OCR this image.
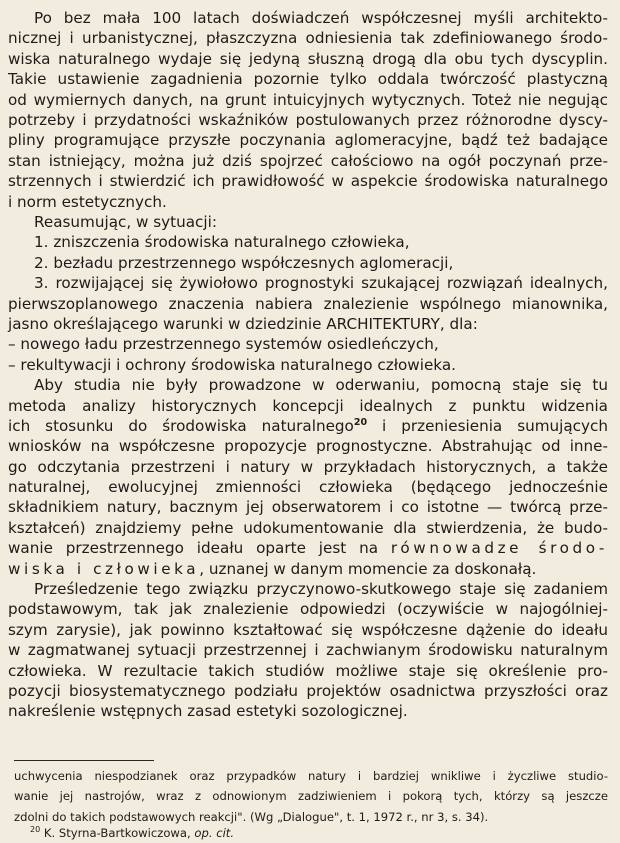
Po bez mała 100 latach doświadczeń współczesnej myśli architekto-
nicznej i urbanistycznej, płaszczyzna odniesienia tak zdefiniowanego środo-
wiska naturalnego wydaje się jedyną słuszną drogą dla obu tych dyscyplin.
Takie ustawienie zagadnienia pozornie tylko oddala twórczość plastyczną
od wymiernych danych, na grunt intuicyjnych wytycznych. Toteż nie negując
potrzeby i przydatności wskaźników postulowanych przez różnorodne dyscy-
pliny programujące przyszłe poczynania aglomeracyjne, bądź też badające
stan istniejący, można już dziś spojrzeć całościowo na ogół poczynań prze-
strzennych i stwierdzić ich prawidłowość w aspekcie środowiska naturalnego
i norm estetycznych.
Reasumując, w sytuacji:
1. zniszczenia środowiska naturalnego człowieka,
2. bezładu przestrzennego współczesnych aglomeracji,
3. rozwijającej się żywiołowo prognostyki szukającej rozwiązań idealnych,
pierwszoplanowego znaczenia nabiera znalezienie wspólnego mianownika,
jasno określającego warunki w dziedzinie ARCHITEKTURY, dla:
– nowego ładu przestrzennego systemów osiedleńczych,
– rekultywacji i ochrony środowiska naturalnego człowieka.
Aby studia nie były prowadzone w oderwaniu, pomocną staje się tu
metoda analizy historycznych koncepcji idealnych z punktu widzenia
ich stosunku do środowiska naturalnego$^{20}$ i przeniesienia sumujących
wniosków na współczesne propozycje prognostyczne. Abstrahując od inne-
go odczytania przestrzeni i natury w przykładach historycznych, a także
naturalnej, ewolucyjnej zmienności człowieka (będącego jednocześnie
składnikiem natury, bacznym jej obserwatorem i co istotne — twórcą prze-
kształceń) znajdziemy pełne udokumentowanie dla stwierdzenia, że budo-
wanie przestrzennego ideału oparte jest na równowadze środo-
wiska i człowieka, uznanej w danym momencie za doskonałą.
Prześledzenie tego związku przyczynowo-skutkowego staje się zadaniem
podstawowym, tak jak znalezienie odpowiedzi (oczywiście w najogólniej-
szym zarysie), jak powinno kształtować się współczesne dążenie do ideału
w zagmatwanej sytuacji przestrzennej i zachwianym środowisku naturalnym
człowieka. W rezultacie takich studiów możliwe staje się określenie pro-
pozycji biosystematycznego podziału projektów osadnictwa przyszłości oraz
nakreślenie wstępnych zasad estetyki sozologicznej.
uchwycenia niespodzianek oraz przypadków natury i bardziej wnikliwe i życzliwe studio-
wanie jej nastrojów, wraz z odnowionym zadziwieniem i pokorą tych, którzy są jeszcze
zdolni do takich podstawowych reakcji". (Wg „Dialogue", t. 1, 1972 r., nr 3, s. 34).
$^{20}$ K. Styrna-Bartkowiczowa, op. cit.
